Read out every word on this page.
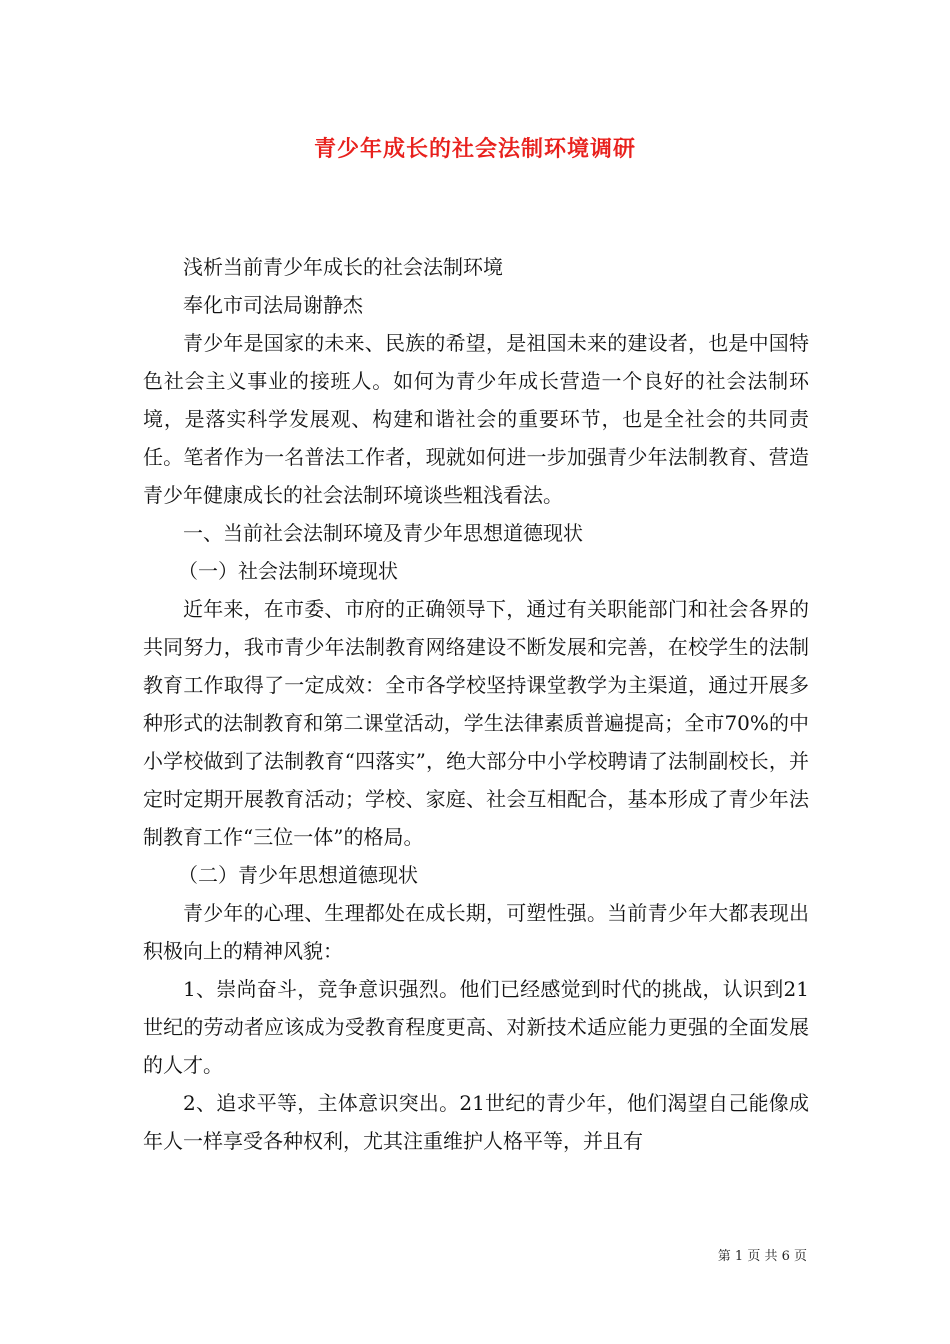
青少年成长的社会法制环境调研

浅析当前青少年成长的社会法制环境

奉化市司法局谢静杰

青少年是国家的未来、民族的希望，是祖国未来的建设者，也是中国特色社会主义事业的接班人。如何为青少年成长营造一个良好的社会法制环境，是落实科学发展观、构建和谐社会的重要环节，也是全社会的共同责任。笔者作为一名普法工作者，现就如何进一步加强青少年法制教育、营造青少年健康成长的社会法制环境谈些粗浅看法。

一、当前社会法制环境及青少年思想道德现状

（一）社会法制环境现状

近年来，在市委、市府的正确领导下，通过有关职能部门和社会各界的共同努力，我市青少年法制教育网络建设不断发展和完善，在校学生的法制教育工作取得了一定成效：全市各学校坚持课堂教学为主渠道，通过开展多种形式的法制教育和第二课堂活动，学生法律素质普遍提高；全市70%的中小学校做到了法制教育“四落实”，绝大部分中小学校聘请了法制副校长，并定时定期开展教育活动；学校、家庭、社会互相配合，基本形成了青少年法制教育工作“三位一体”的格局。

（二）青少年思想道德现状

青少年的心理、生理都处在成长期，可塑性强。当前青少年大都表现出积极向上的精神风貌：

1、崇尚奋斗，竞争意识强烈。他们已经感觉到时代的挑战，认识到21世纪的劳动者应该成为受教育程度更高、对新技术适应能力更强的全面发展的人才。

2、追求平等，主体意识突出。21世纪的青少年，他们渴望自己能像成年人一样享受各种权利，尤其注重维护人格平等，并且有

第 1 页 共 6 页
